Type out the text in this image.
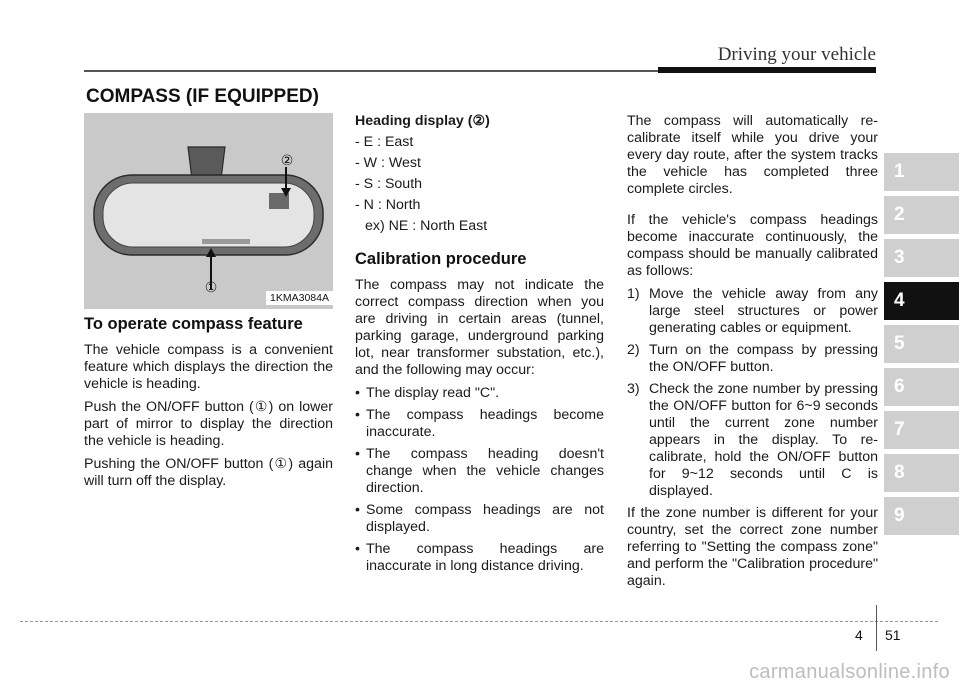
Driving your vehicle
COMPASS (IF EQUIPPED)
②
①
1KMA3084A
To operate compass feature

The vehicle compass is a convenient feature which displays the direction the vehicle is heading.

Push the ON/OFF button (①) on lower part of mirror to display the direction the vehicle is heading.

Pushing the ON/OFF button (①) again will turn off the display.

Heading display (②)
- E : East
- W : West
- S : South
- N : North
ex) NE : North East
Calibration procedure

The compass may not indicate the correct compass direction when you are driving in certain areas (tunnel, parking garage, underground parking lot, near transformer substation, etc.), and the following may occur:

• The display read "C".
• The compass headings become inaccurate.
• The compass heading doesn't change when the vehicle changes direction.
• Some compass headings are not displayed.
• The compass headings are inaccurate in long distance driving.

The compass will automatically re-calibrate itself while you drive your every day route, after the system tracks the vehicle has completed three complete circles.

If the vehicle's compass headings become inaccurate continuously, the compass should be manually calibrated as follows:

1) Move the vehicle away from any large steel structures or power generating cables or equipment.
2) Turn on the compass by pressing the ON/OFF button.
3) Check the zone number by pressing the ON/OFF button for 6~9 seconds until the current zone number appears in the display. To re-calibrate, hold the ON/OFF button for 9~12 seconds until C is displayed.

If the zone number is different for your country, set the correct zone number referring to "Setting the compass zone" and perform the "Calibration procedure" again.

1
2
3
4
5
6
7
8
9
4 51
carmanualsonline.info
